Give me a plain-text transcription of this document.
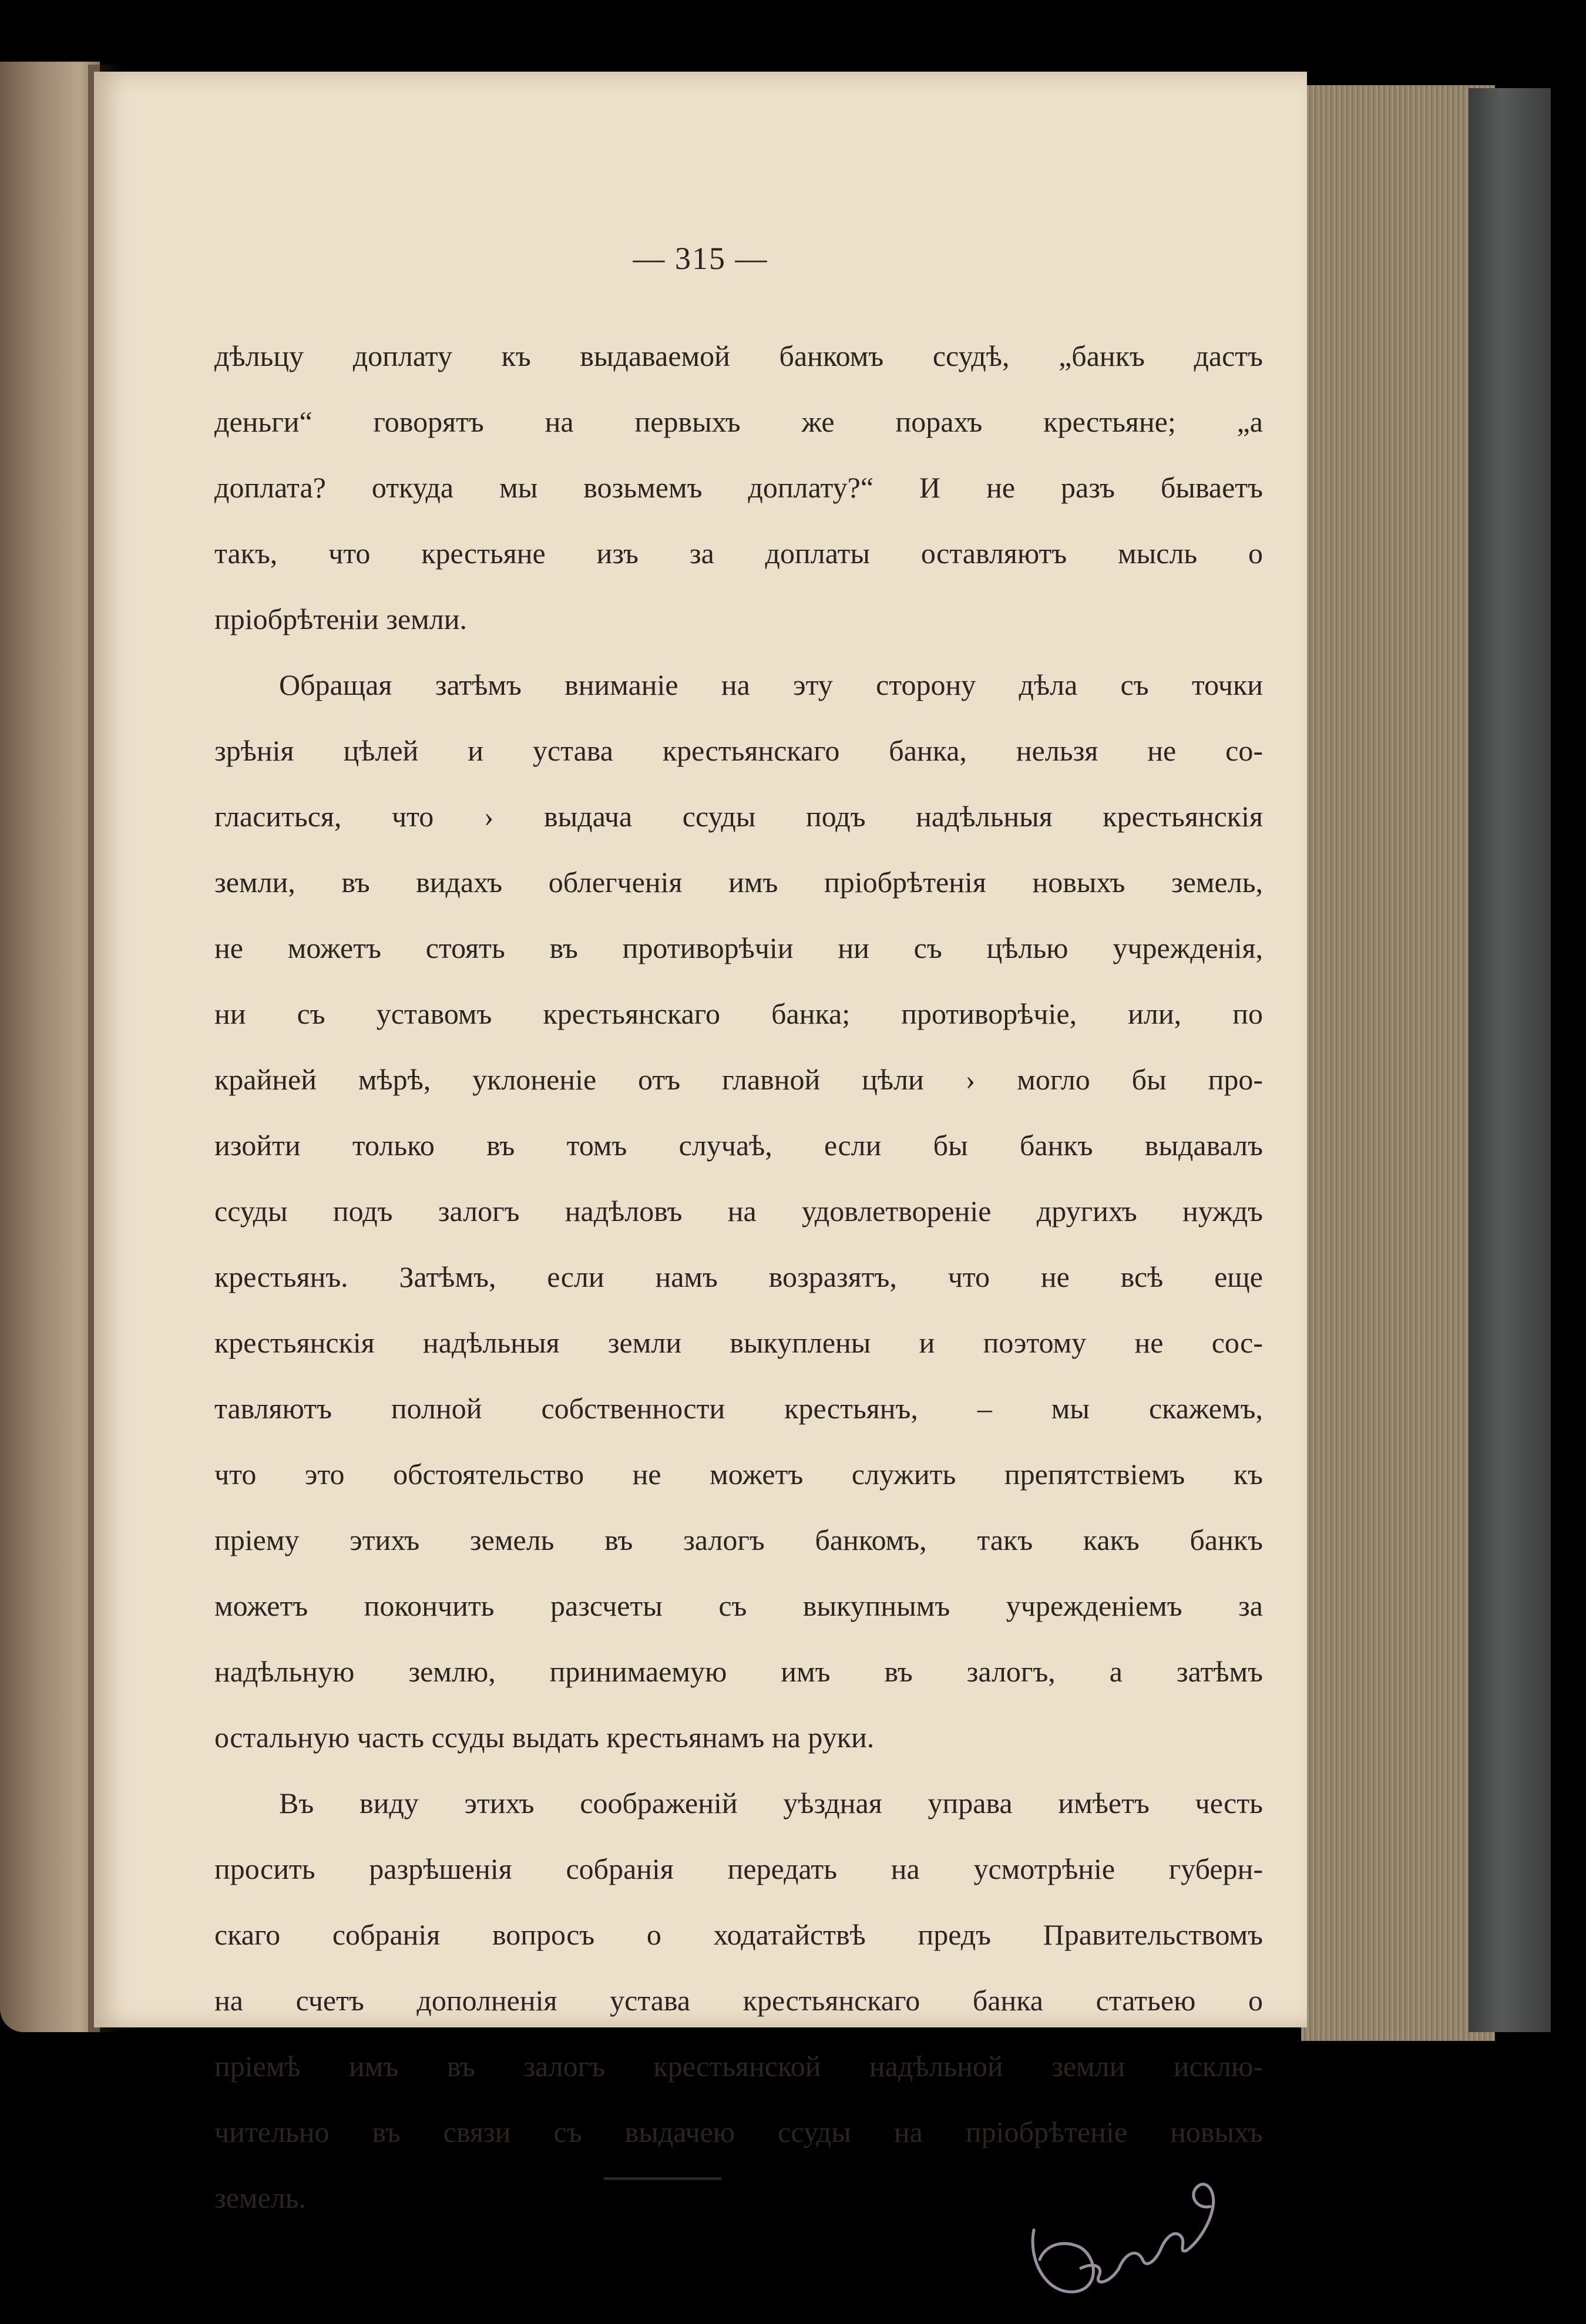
— 315 —
дѣльцу доплату къ выдаваемой банкомъ ссудѣ, „банкъ дастъ
деньги“ говорятъ на первыхъ же порахъ крестьяне; „а
доплата? откуда мы возьмемъ доплату?“ И не разъ бываетъ
такъ, что крестьяне изъ за доплаты оставляютъ мысль о
пріобрѣтеніи земли.
Обращая затѣмъ вниманіе на эту сторону дѣла съ точки
зрѣнія цѣлей и устава крестьянскаго банка, нельзя не со-
гласиться, что › выдача ссуды подъ надѣльныя крестьянскія
земли, въ видахъ облегченія имъ пріобрѣтенія новыхъ земель,
не можетъ стоять въ противорѣчіи ни съ цѣлью учрежденія,
ни съ уставомъ крестьянскаго банка; противорѣчіе, или, по
крайней мѣрѣ, уклоненіе отъ главной цѣли › могло бы про-
изойти только въ томъ случаѣ, если бы банкъ выдавалъ
ссуды подъ залогъ надѣловъ на удовлетвореніе другихъ нуждъ
крестьянъ. Затѣмъ, если намъ возразятъ, что не всѣ еще
крестьянскія надѣльныя земли выкуплены и поэтому не сос-
тавляютъ полной собственности крестьянъ, – мы скажемъ,
что это обстоятельство не можетъ служить препятствіемъ къ
пріему этихъ земель въ залогъ банкомъ, такъ какъ банкъ
можетъ покончить разсчеты съ выкупнымъ учрежденіемъ за
надѣльную землю, принимаемую имъ въ залогъ, а затѣмъ
остальную часть ссуды выдать крестьянамъ на руки.
Въ виду этихъ соображеній уѣздная управа имѣетъ честь
просить разрѣшенія собранія передать на усмотрѣніе губерн-
скаго собранія вопросъ о ходатайствѣ предъ Правительствомъ
на счетъ дополненія устава крестьянскаго банка статьею о
пріемѣ имъ въ залогъ крестьянской надѣльной земли исклю-
чительно въ связи съ выдачею ссуды на пріобрѣтеніе новыхъ
земель.
